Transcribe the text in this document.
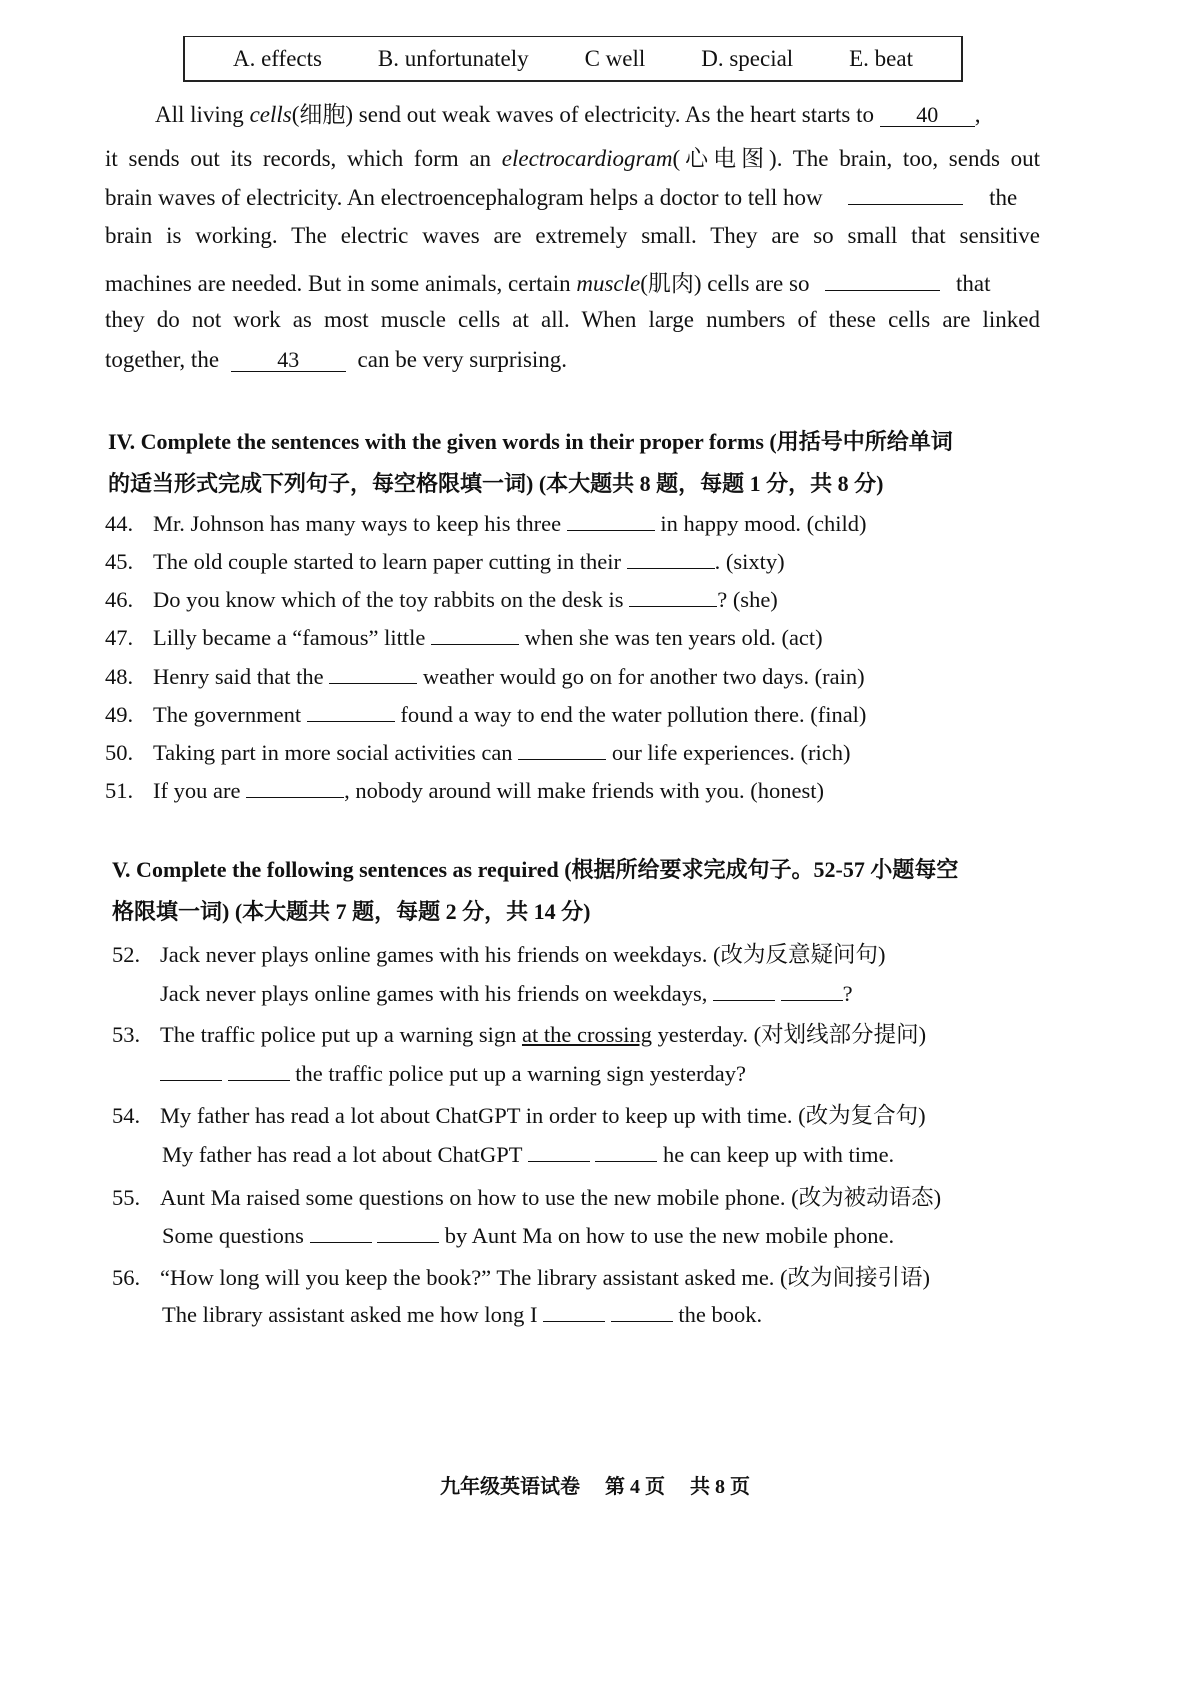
A. effects B. unfortunately C well D. special E. beat
All living cells(细胞) send out weak waves of electricity. As the heart starts to 40 ,
it sends out its records, which form an electrocardiogram(心电图). The brain, too, sends out
brain waves of electricity. An electroencephalogram helps a doctor to tell how	the
brain is working. The electric waves are extremely small. They are so small that sensitive
machines are needed. But in some animals, certain muscle(肌肉) cells are so	that
they do not work as most muscle cells at all. When large numbers of these cells are linked
together, the	43	can be very surprising.
IV. Complete the sentences with the given words in their proper forms (用括号中所给单词
的适当形式完成下列句子，每空格限填一词) (本大题共 8 题，每题 1 分，共 8 分)
44. Mr. Johnson has many ways to keep his three	in happy mood. (child)
45. The old couple started to learn paper cutting in their	. (sixty)
46. Do you know which of the toy rabbits on the desk is	? (she)
47. Lilly became a “famous” little	when she was ten years old. (act)
48. Henry said that the	weather would go on for another two days. (rain)
49. The government	found a way to end the water pollution there. (final)
50. Taking part in more social activities can	our life experiences. (rich)
51. If you are	, nobody around will make friends with you. (honest)
V. Complete the following sentences as required (根据所给要求完成句子。52-57 小题每空
格限填一词) (本大题共 7 题，每题 2 分，共 14 分)
52. Jack never plays online games with his friends on weekdays. (改为反意疑问句)
Jack never plays online games with his friends on weekdays,	?
53. The traffic police put up a warning sign at the crossing yesterday. (对划线部分提问)
the traffic police put up a warning sign yesterday?
54. My father has read a lot about ChatGPT in order to keep up with time. (改为复合句)
My father has read a lot about ChatGPT	he can keep up with time.
55. Aunt Ma raised some questions on how to use the new mobile phone. (改为被动语态)
Some questions	by Aunt Ma on how to use the new mobile phone.
56. “How long will you keep the book?” The library assistant asked me. (改为间接引语)
The library assistant asked me how long I	the book.
九年级英语试卷 第 4 页 共 8 页
